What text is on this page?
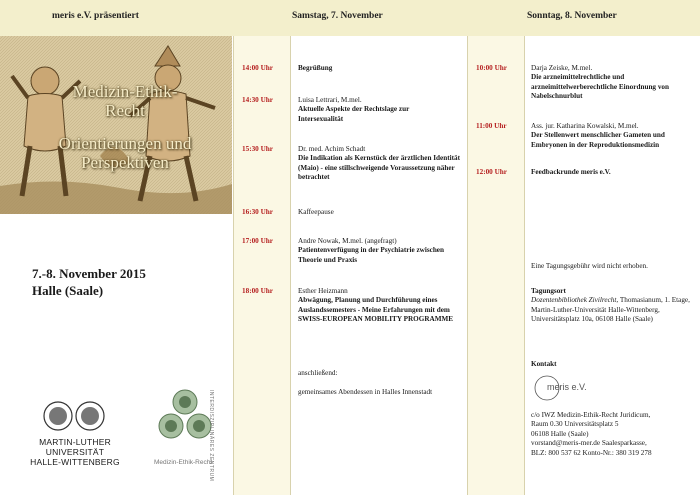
meris e.V. präsentiert	Samstag, 7. November	Sonntag, 8. November
Medizin-Ethik-
Recht
Orientierungen und
Perspektiven
7.-8. November 2015
Halle (Saale)
MARTIN-LUTHER
UNIVERSITÄT
HALLE-WITTENBERG	INTERDISZIPLINÄRES ZENTRUM
Medizin-Ethik-Recht
14:00 Uhr	Begrüßung
14:30 Uhr	Luisa Lettrari, M.mel.
Aktuelle Aspekte der Rechtslage zur Intersexualität
15:30 Uhr	Dr. med. Achim Schadt
Die Indikation als Kernstück der ärztlichen Identität (Maio) - eine stillschweigende Voraussetzung näher betrachtet
16:30 Uhr	Kaffeepause
17:00 Uhr	Andre Nowak, M.mel. (angefragt)
Patientenverfügung in der Psychiatrie zwischen Theorie und Praxis
18:00 Uhr	Esther Heizmann
Abwägung, Planung und Durchführung eines Auslandssemesters - Meine Erfahrungen mit dem SWISS-EUROPEAN MOBILITY PROGRAMME
anschließend:
gemeinsames Abendessen in Halles Innenstadt
10:00 Uhr	Darja Zeiske, M.mel.
Die arzneimittelrechtliche und arzneimittelwerberechtliche Einordnung von Nabelschnurblut
11:00 Uhr	Ass. jur. Katharina Kowalski, M.mel.
Der Stellenwert menschlicher Gameten und Embryonen in der Reproduktionsmedizin
12:00 Uhr	Feedbackrunde meris e.V.
Eine Tagungsgebühr wird nicht erhoben.
Tagungsort
Dozentenbibliothek Zivilrecht, Thomasianum, 1. Etage, Martin-Luther-Universität Halle-Wittenberg, Universitätsplatz 10a, 06108 Halle (Saale)
Kontakt
meris e.V.
c/o IWZ Medizin-Ethik-Recht Juridicum,
Raum 0.30 Universitätsplatz 5
06108 Halle (Saale)
vorstand@meris-mer.de Saalesparkasse,
BLZ: 800 537 62 Konto-Nr.: 380 319 278
